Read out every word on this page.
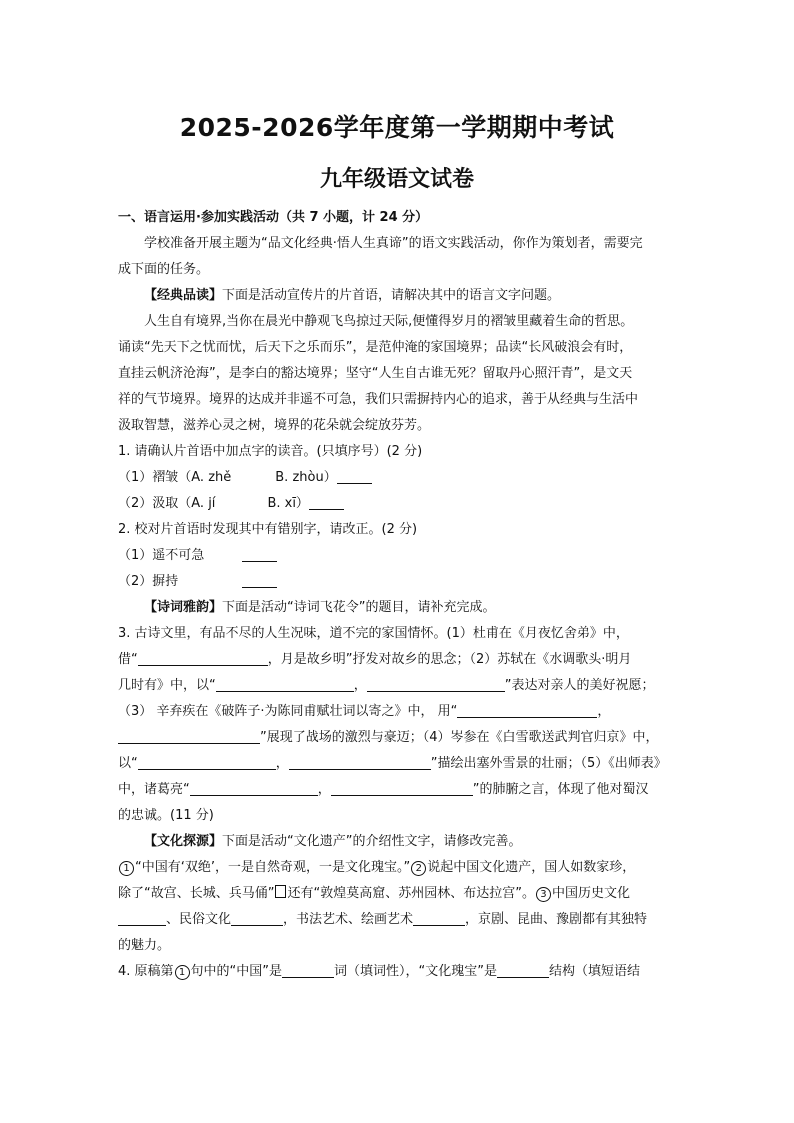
2025-2026学年度第一学期期中考试
九年级语文试卷

一、语言运用·参加实践活动（共 7 小题，计 24 分）

学校准备开展主题为“品文化经典·悟人生真谛”的语文实践活动，你作为策划者，需要完

成下面的任务。

【经典品读】下面是活动宣传片的片首语，请解决其中的语言文字问题。

人生自有境界,当你在晨光中静观飞鸟掠过天际,便懂得岁月的褶皱里藏着生命的哲思。

诵读“先天下之忧而忧，后天下之乐而乐”，是范仲淹的家国境界；品读“长风破浪会有时，

直挂云帆济沧海”，是李白的豁达境界；坚守“人生自古谁无死？留取丹心照汗青”，是文天

祥的气节境界。境界的达成并非遥不可急，我们只需摒持内心的追求，善于从经典与生活中

汲取智慧，滋养心灵之树，境界的花朵就会绽放芬芳。

1. 请确认片首语中加点字的读音。(只填序号）(2 分)

（1）褶皱（A. zhě	B. zhòu）

（2）汲取（A. jí	B. xī）

2. 校对片首语时发现其中有错别字，请改正。(2 分)

（1）遥不可急

（2）摒持

【诗词雅韵】下面是活动“诗词飞花令”的题目，请补充完成。

3. 古诗文里，有品不尽的人生况味，道不完的家国情怀。(1）杜甫在《月夜忆舍弟》中，

借“	，月是故乡明”抒发对故乡的思念；（2）苏轼在《水调歌头·明月

几时有》中，以“	，	”表达对亲人的美好祝愿；

（3） 辛弃疾在《破阵子·为陈同甫赋壮词以寄之》中， 用“	，

”展现了战场的激烈与豪迈；（4）岑参在《白雪歌送武判官归京》中，

以“	，	”描绘出塞外雪景的壮丽；（5）《出师表》

中，诸葛亮“	，	”的肺腑之言，体现了他对蜀汉

的忠诚。(11 分)

【文化探源】下面是活动“文化遗产”的介绍性文字，请修改完善。

1 “中国有‘双绝’，一是自然奇观，一是文化瑰宝。” 2 说起中国文化遗产，国人如数家珍，

除了“故宫、长城、兵马俑” 还有“敦煌莫高窟、苏州园林、布达拉宫”。 3 中国历史文化

、民俗文化	，书法艺术、绘画艺术	，京剧、昆曲、豫剧都有其独特

的魅力。

4. 原稿第 1 句中的“中国”是	词（填词性），“文化瑰宝”是	结构（填短语结
